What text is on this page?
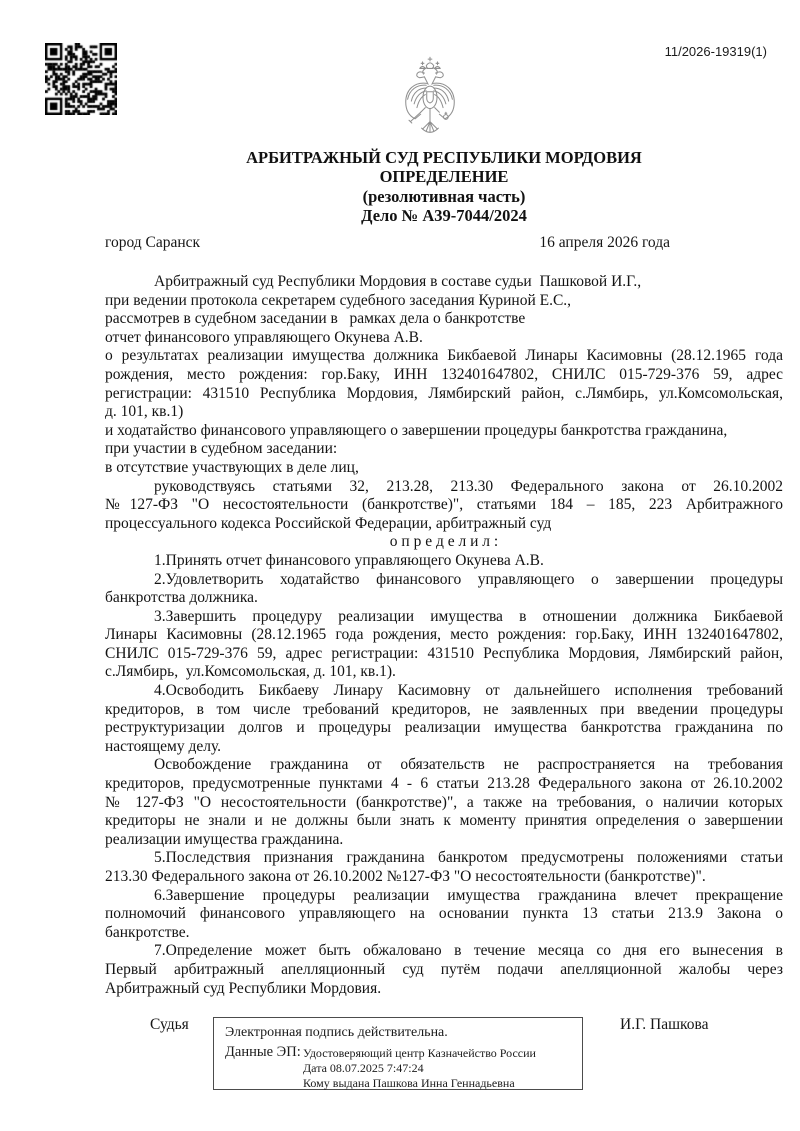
11/2026-19319(1)
АРБИТРАЖНЫЙ СУД РЕСПУБЛИКИ МОРДОВИЯ
ОПРЕДЕЛЕНИЕ
(резолютивная часть)
Дело № А39-7044/2024
город Саранск	16 апреля 2026 года
Арбитражный суд Республики Мордовия в составе судьи  Пашковой И.Г.,
при ведении протокола секретарем судебного заседания Куриной Е.С.,
рассмотрев в судебном заседании в   рамках дела о банкротстве
отчет финансового управляющего Окунева А.В.
о результатах реализации имущества должника Бикбаевой Линары Касимовны (28.12.1965 года
рождения, место рождения: гор.Баку, ИНН 132401647802, СНИЛС 015-729-376 59, адрес
регистрации: 431510 Республика Мордовия, Лямбирский район, с.Лямбирь, ул.Комсомольская,
д. 101, кв.1)
и ходатайство финансового управляющего о завершении процедуры банкротства гражданина,
при участии в судебном заседании:
в отсутствие участвующих в деле лиц,
руководствуясь статьями 32, 213.28, 213.30 Федерального закона от 26.10.2002
№127-ФЗ "О несостоятельности (банкротстве)", статьями 184 – 185, 223 Арбитражного
процессуального кодекса Российской Федерации, арбитражный суд
о п р е д е л и л :
1.Принять отчет финансового управляющего Окунева А.В.
2.Удовлетворить ходатайство финансового управляющего о завершении процедуры
банкротства должника.
3.Завершить процедуру реализации имущества в отношении должника Бикбаевой
Линары Касимовны (28.12.1965 года рождения, место рождения: гор.Баку, ИНН 132401647802,
СНИЛС 015-729-376 59, адрес регистрации: 431510 Республика Мордовия, Лямбирский район,
с.Лямбирь,  ул.Комсомольская, д. 101, кв.1).
4.Освободить Бикбаеву Линару Касимовну от дальнейшего исполнения требований
кредиторов, в том числе требований кредиторов, не заявленных при введении процедуры
реструктуризации долгов и процедуры реализации имущества банкротства гражданина по
настоящему делу.
Освобождение гражданина от обязательств не распространяется на требования
кредиторов, предусмотренные пунктами 4 - 6 статьи 213.28 Федерального закона от 26.10.2002
№ 127-ФЗ "О несостоятельности (банкротстве)", а также на требования, о наличии которых
кредиторы не знали и не должны были знать к моменту принятия определения о завершении
реализации имущества гражданина.
5.Последствия признания гражданина банкротом предусмотрены положениями статьи
213.30 Федерального закона от 26.10.2002 №127-ФЗ "О несостоятельности (банкротстве)".
6.Завершение процедуры реализации имущества гражданина влечет прекращение
полномочий финансового управляющего на основании пункта 13 статьи 213.9 Закона о
банкротстве.
7.Определение может быть обжаловано в течение месяца со дня его вынесения в
Первый арбитражный апелляционный суд путём подачи апелляционной жалобы через
Арбитражный суд Республики Мордовия.
Судья	Электронная подпись действительна.
Данные ЭП: Удостоверяющий центр Казначейство России
Дата 08.07.2025 7:47:24
Кому выдана Пашкова Инна Геннадьевна
И.Г. Пашкова
